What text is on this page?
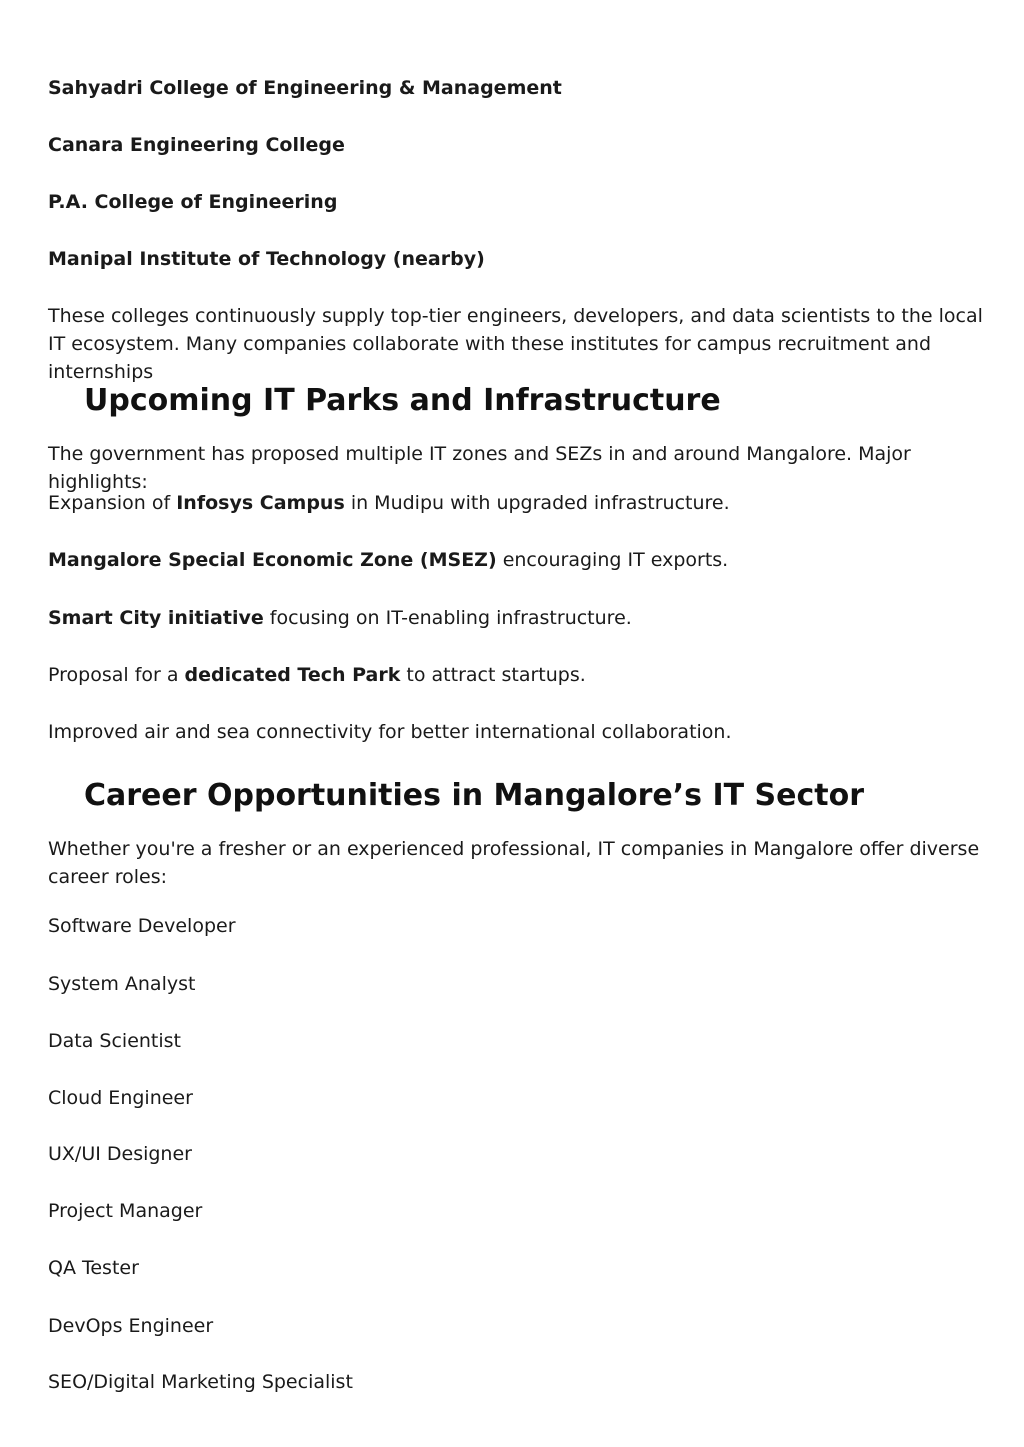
Sahyadri College of Engineering & Management

Canara Engineering College

P.A. College of Engineering

Manipal Institute of Technology (nearby)

These colleges continuously supply top-tier engineers, developers, and data scientists to the local IT ecosystem. Many companies collaborate with these institutes for campus recruitment and internships

Upcoming IT Parks and Infrastructure

The government has proposed multiple IT zones and SEZs in and around Mangalore. Major highlights:

Expansion of Infosys Campus in Mudipu with upgraded infrastructure.

Mangalore Special Economic Zone (MSEZ) encouraging IT exports.

Smart City initiative focusing on IT-enabling infrastructure.

Proposal for a dedicated Tech Park to attract startups.

Improved air and sea connectivity for better international collaboration.

Career Opportunities in Mangalore’s IT Sector

Whether you're a fresher or an experienced professional, IT companies in Mangalore offer diverse career roles:

Software Developer

System Analyst

Data Scientist

Cloud Engineer

UX/UI Designer

Project Manager

QA Tester

DevOps Engineer

SEO/Digital Marketing Specialist
